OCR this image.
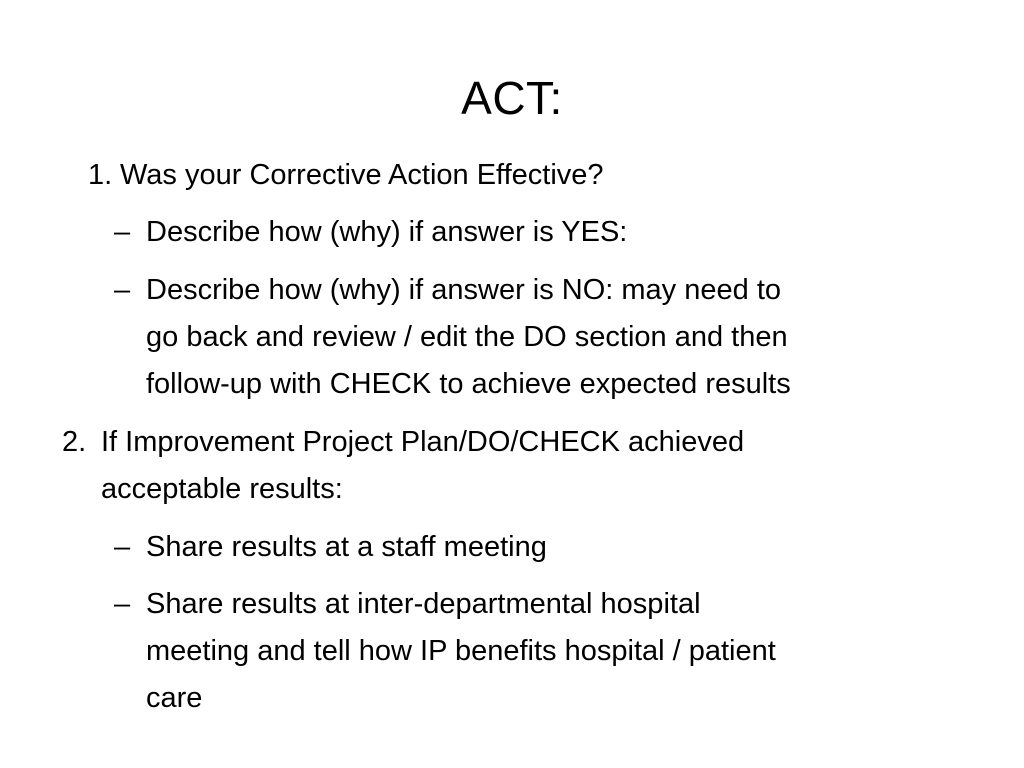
ACT:
1. Was your Corrective Action Effective?
– Describe how (why) if answer is YES:
– Describe how (why) if answer is NO: may need to
go back and review / edit the DO section and then
follow-up with CHECK to achieve expected results
2. If Improvement Project Plan/DO/CHECK achieved
acceptable results:
– Share results at a staff meeting
– Share results at inter-departmental hospital
meeting and tell how IP benefits hospital / patient
care
